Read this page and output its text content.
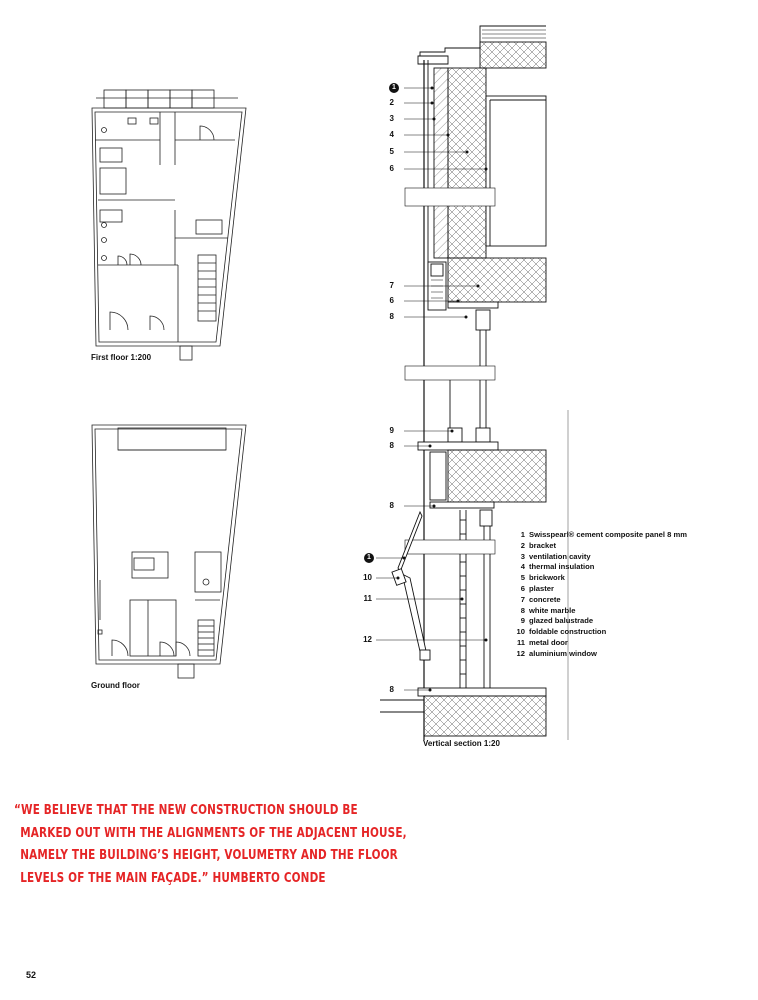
First floor 1:200
Ground floor
Vertical section 1:20
1
2
3
4
5
6
7
6
8
9
8
8
1
10
11
12
8
1 Swisspearl® cement composite panel 8 mm
2 bracket
3 ventilation cavity
4 thermal insulation
5 brickwork
6 plaster
7 concrete
8 white marble
9 glazed balustrade
10 foldable construction
11 metal door
12 aluminium window
“WE BELIEVE THAT THE NEW CONSTRUCTION SHOULD BE
MARKED OUT WITH THE ALIGNMENTS OF THE ADJACENT HOUSE,
NAMELY THE BUILDING’S HEIGHT, VOLUMETRY AND THE FLOOR
LEVELS OF THE MAIN FAÇADE.” HUMBERTO CONDE
52
